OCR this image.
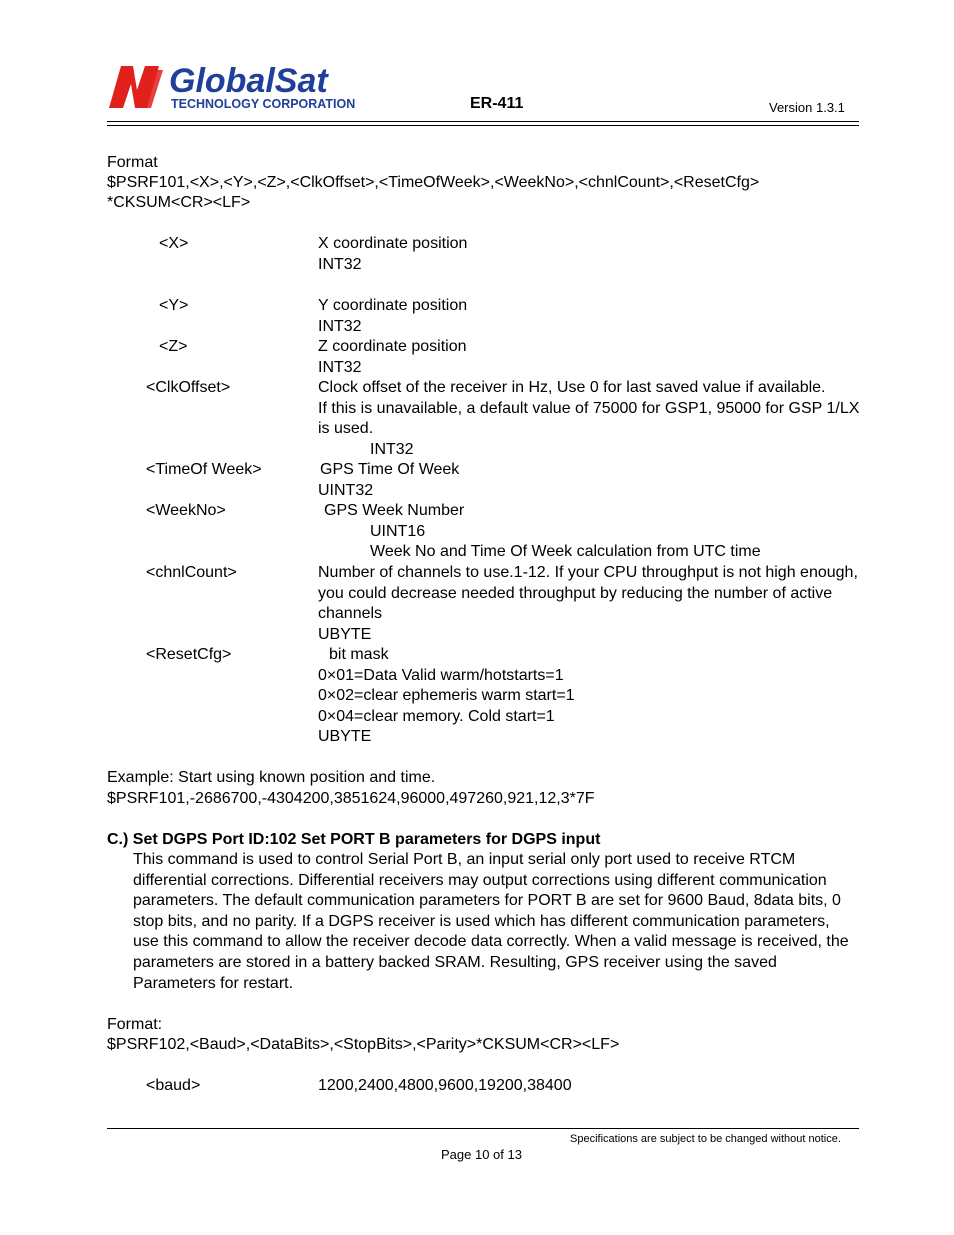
GlobalSat
TECHNOLOGY CORPORATION	ER-411	Version 1.3.1
Format
$PSRF101,<X>,<Y>,<Z>,<ClkOffset>,<TimeOfWeek>,<WeekNo>,<chnlCount>,<ResetCfg>
*CKSUM<CR><LF>
<X>	X coordinate position
INT32
<Y>	Y coordinate position
INT32
<Z>	Z coordinate position
INT32
<ClkOffset>	Clock offset of the receiver in Hz, Use 0 for last saved value if available.
If this is unavailable, a default value of 75000 for GSP1, 95000 for GSP 1/LX
is used.
INT32
<TimeOf Week>	GPS Time Of Week
UINT32
<WeekNo>	GPS Week Number
UINT16
Week No and Time Of Week calculation from UTC time
<chnlCount>	Number of channels to use.1-12. If your CPU throughput is not high enough,
you could decrease needed throughput by reducing the number of active
channels
UBYTE
<ResetCfg>	bit mask
0×01=Data Valid warm/hotstarts=1
0×02=clear ephemeris warm start=1
0×04=clear memory. Cold start=1
UBYTE
Example: Start using known position and time.
$PSRF101,-2686700,-4304200,3851624,96000,497260,921,12,3*7F
C.) Set DGPS Port ID:102 Set PORT B parameters for DGPS input
This command is used to control Serial Port B, an input serial only port used to receive RTCM
differential corrections. Differential receivers may output corrections using different communication
parameters. The default communication parameters for PORT B are set for 9600 Baud, 8data bits, 0
stop bits, and no parity. If a DGPS receiver is used which has different communication parameters,
use this command to allow the receiver decode data correctly. When a valid message is received, the
parameters are stored in a battery backed SRAM. Resulting, GPS receiver using the saved
Parameters for restart.
Format:
$PSRF102,<Baud>,<DataBits>,<StopBits>,<Parity>*CKSUM<CR><LF>
<baud>	1200,2400,4800,9600,19200,38400
Specifications are subject to be changed without notice.
Page 10 of 13
